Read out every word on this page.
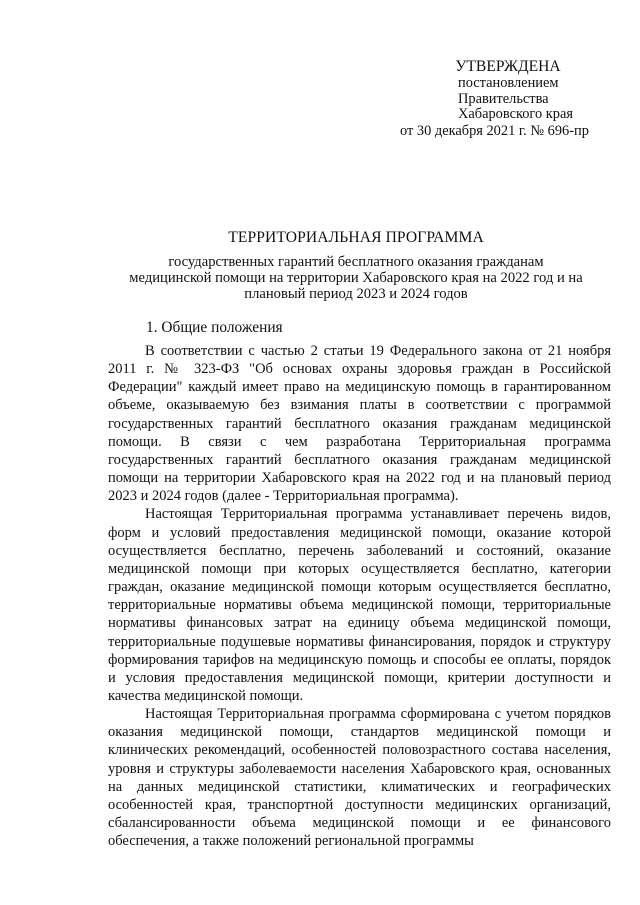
УТВЕРЖДЕНА
постановлением
Правительства
Хабаровского края
от 30 декабря 2021 г. № 696-пр
ТЕРРИТОРИАЛЬНАЯ ПРОГРАММА
государственных гарантий бесплатного оказания гражданам
медицинской помощи на территории Хабаровского края на 2022 год и на
плановый период 2023 и 2024 годов
1. Общие положения

В соответствии с частью 2 статьи 19 Федерального закона от 21 ноября 2011 г. № 323-ФЗ "Об основах охраны здоровья граждан в Российской Федерации" каждый имеет право на медицинскую помощь в гарантированном объеме, оказываемую без взимания платы в соответствии с программой государственных гарантий бесплатного оказания гражданам медицинской помощи. В связи с чем разработана Территориальная программа государственных гарантий бесплатного оказания гражданам медицинской помощи на территории Хабаровского края на 2022 год и на плановый период 2023 и 2024 годов (далее - Территориальная программа).

Настоящая Территориальная программа устанавливает перечень видов, форм и условий предоставления медицинской помощи, оказание которой осуществляется бесплатно, перечень заболеваний и состояний, оказание медицинской помощи при которых осуществляется бесплатно, категории граждан, оказание медицинской помощи которым осуществляется бесплатно, территориальные нормативы объема медицинской помощи, территориальные нормативы финансовых затрат на единицу объема медицинской помощи, территориальные подушевые нормативы финансирования, порядок и структуру формирования тарифов на медицинскую помощь и способы ее оплаты, порядок и условия предоставления медицинской помощи, критерии доступности и качества медицинской помощи.

Настоящая Территориальная программа сформирована с учетом порядков оказания медицинской помощи, стандартов медицинской помощи и клинических рекомендаций, особенностей половозрастного состава населения, уровня и структуры заболеваемости населения Хабаровского края, основанных на данных медицинской статистики, климатических и географических особенностей края, транспортной доступности медицинских организаций, сбалансированности объема медицинской помощи и ее финансового обеспечения, а также положений региональной программы
